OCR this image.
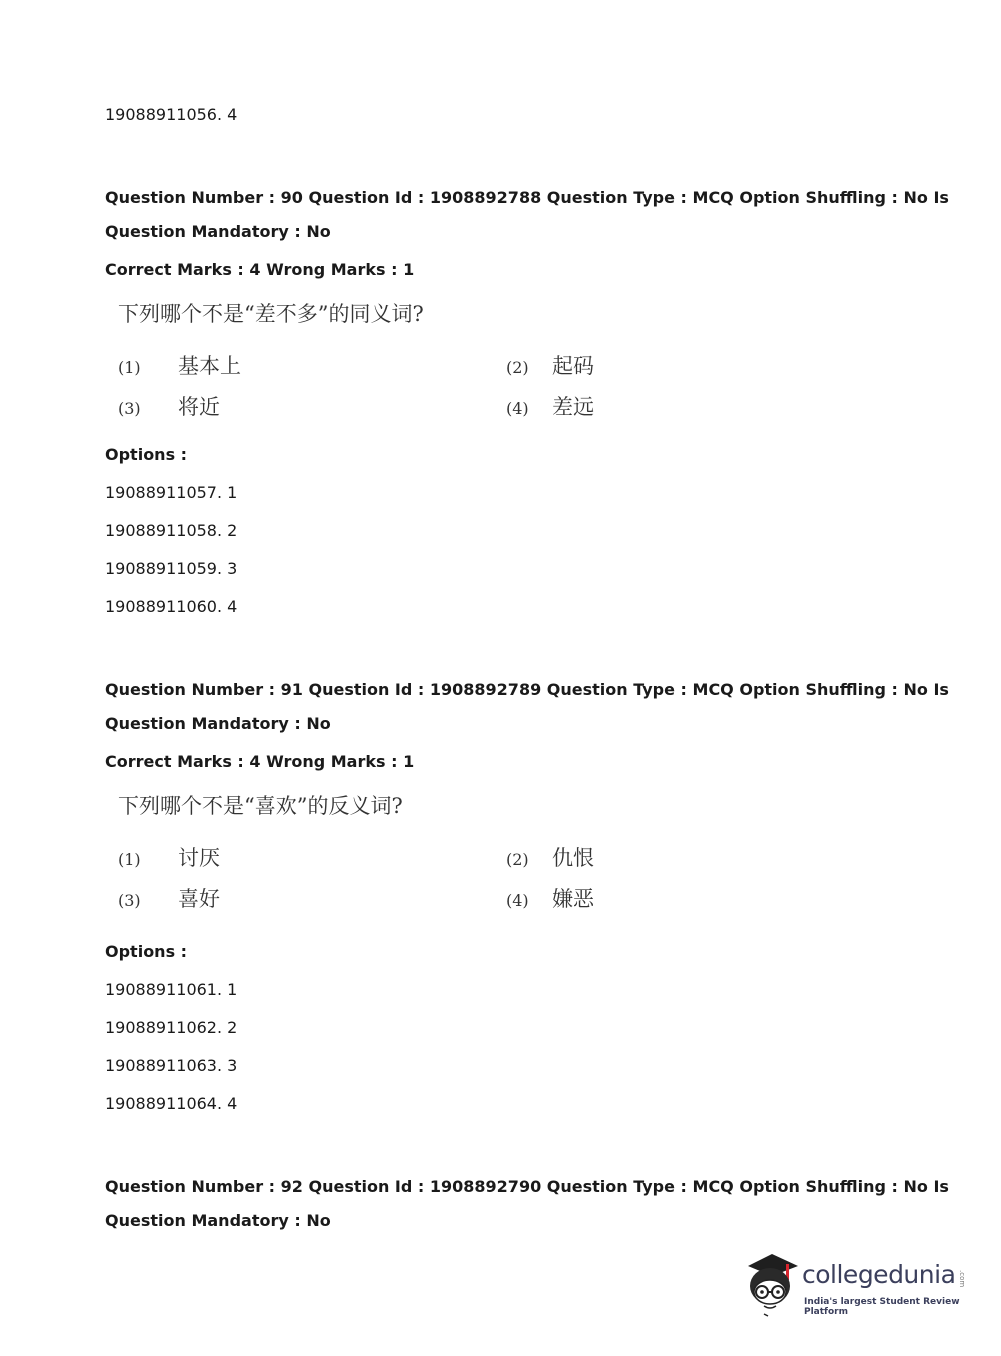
19088911056. 4
Question Number : 90 Question Id : 1908892788 Question Type : MCQ Option Shuffling : No Is
Question Mandatory : No
Correct Marks : 4 Wrong Marks : 1
下列哪个不是“差不多”的同义词?
(1) 基本上	(2) 起码
(3) 将近	(4) 差远
Options :
19088911057. 1
19088911058. 2
19088911059. 3
19088911060. 4
Question Number : 91 Question Id : 1908892789 Question Type : MCQ Option Shuffling : No Is
Question Mandatory : No
Correct Marks : 4 Wrong Marks : 1
下列哪个不是“喜欢”的反义词?
(1) 讨厌	(2) 仇恨
(3) 喜好	(4) 嫌恶
Options :
19088911061. 1
19088911062. 2
19088911063. 3
19088911064. 4
Question Number : 92 Question Id : 1908892790 Question Type : MCQ Option Shuffling : No Is
Question Mandatory : No
collegedunia .com
India's largest Student Review Platform
